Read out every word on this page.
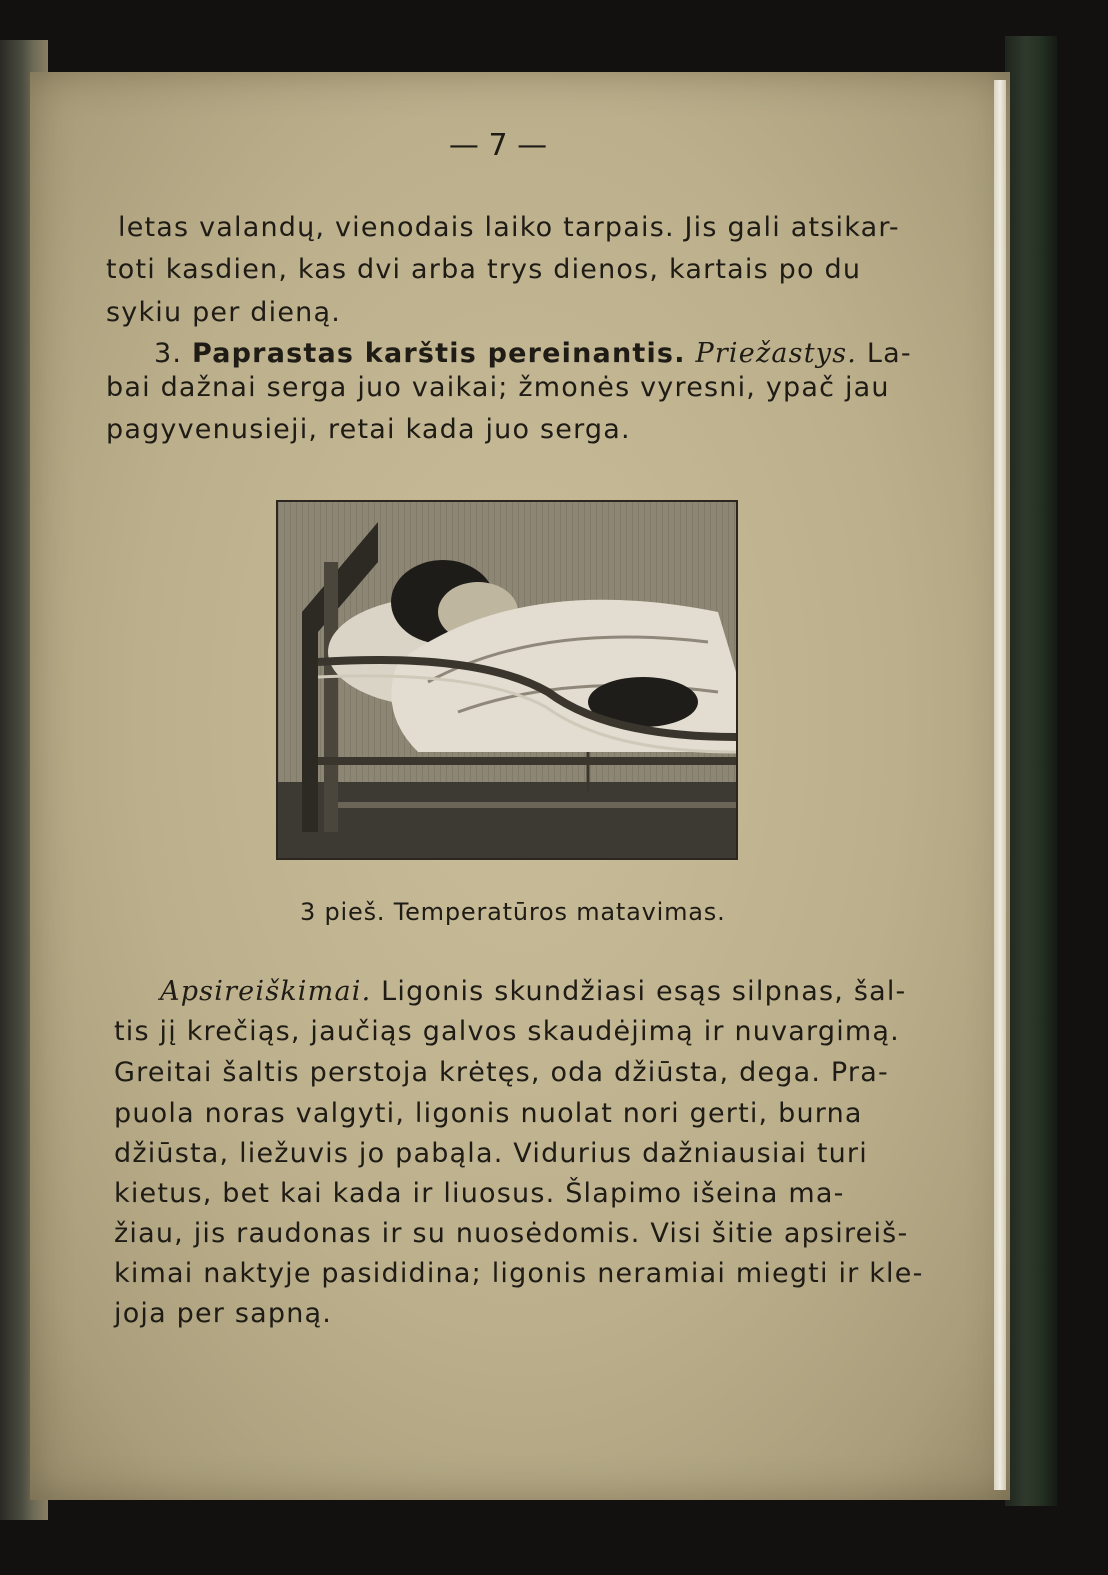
— 7 —
letas valandų, vienodais laiko tarpais. Jis gali atsikar-
toti kasdien, kas dvi arba trys dienos, kartais po du
sykiu per dieną.
3. Paprastas karštis pereinantis. Priežastys. La-
bai dažnai serga juo vaikai; žmonės vyresni, ypač jau
pagyvenusieji, retai kada juo serga.
3 pieš. Temperatūros matavimas.
Apsireiškimai. Ligonis skundžiasi esąs silpnas, šal-
tis jį krečiąs, jaučiąs galvos skaudėjimą ir nuvargimą.
Greitai šaltis perstoja krėtęs, oda džiūsta, dega. Pra-
puola noras valgyti, ligonis nuolat nori gerti, burna
džiūsta, liežuvis jo pabąla. Vidurius dažniausiai turi
kietus, bet kai kada ir liuosus. Šlapimo išeina ma-
žiau, jis raudonas ir su nuosėdomis. Visi šitie apsireiš-
kimai naktyje pasididina; ligonis neramiai miegti ir kle-
joja per sapną.
